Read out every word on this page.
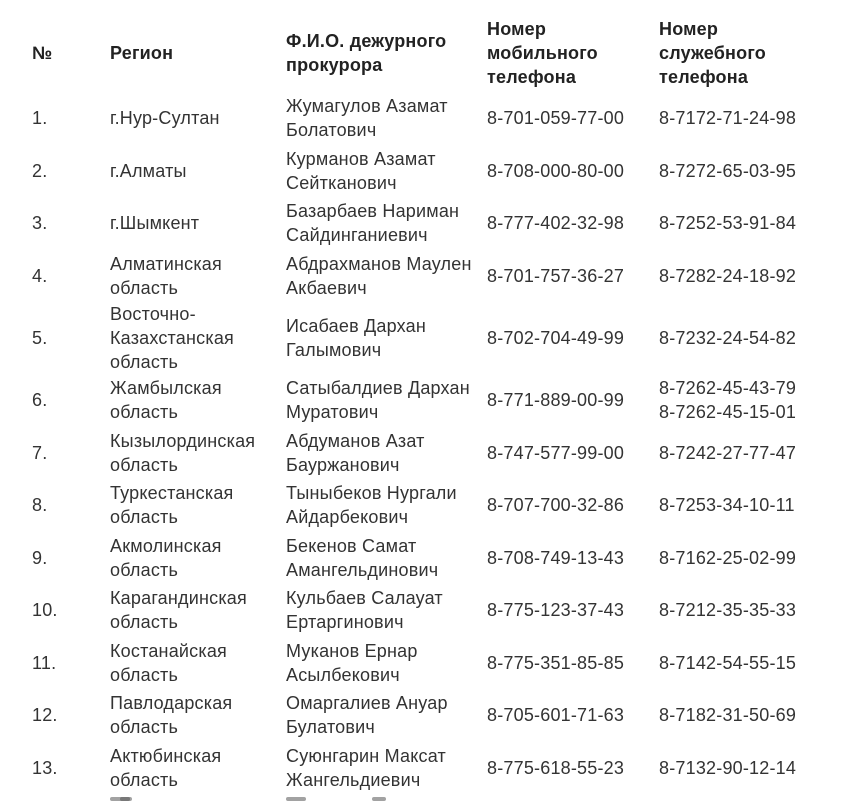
№	Регион	Ф.И.О. дежурного прокурора	Номер мобильного телефона	Номер служебного телефона
1.	г.Нур-Султан	Жумагулов Азамат Болатович	8-701-059-77-00	8-7172-71-24-98

2.	г.Алматы	Курманов Азамат Сейтканович	8-708-000-80-00	8-7272-65-03-95

3.	г.Шымкент	Базарбаев Нариман Сайдинганиевич	8-777-402-32-98	8-7252-53-91-84

4.	Алматинская область	Абдрахманов Маулен Акбаевич	8-701-757-36-27	8-7282-24-18-92

5.	Восточно-Казахстанская область	Исабаев Дархан Галымович	8-702-704-49-99	8-7232-24-54-82

6.	Жамбылская область	Сатыбалдиев Дархан Муратович	8-771-889-00-99	8-7262-45-43-79
8-7262-45-15-01

7.	Кызылординская область	Абдуманов Азат Бауржанович	8-747-577-99-00	8-7242-27-77-47

8.	Туркестанская область	Тыныбеков Нургали Айдарбекович	8-707-700-32-86	8-7253-34-10-11

9.	Акмолинская область	Бекенов Самат Амангельдинович	8-708-749-13-43	8-7162-25-02-99

10.	Карагандинская область	Кульбаев Салауат Ертаргинович	8-775-123-37-43	8-7212-35-35-33

11.	Костанайская область	Муканов Ернар Асылбекович	8-775-351-85-85	8-7142-54-55-15

12.	Павлодарская область	Омаргалиев Ануар Булатович	8-705-601-71-63	8-7182-31-50-69

13.	Актюбинская область	Суюнгарин Максат Жангельдиевич	8-775-618-55-23	8-7132-90-12-14
